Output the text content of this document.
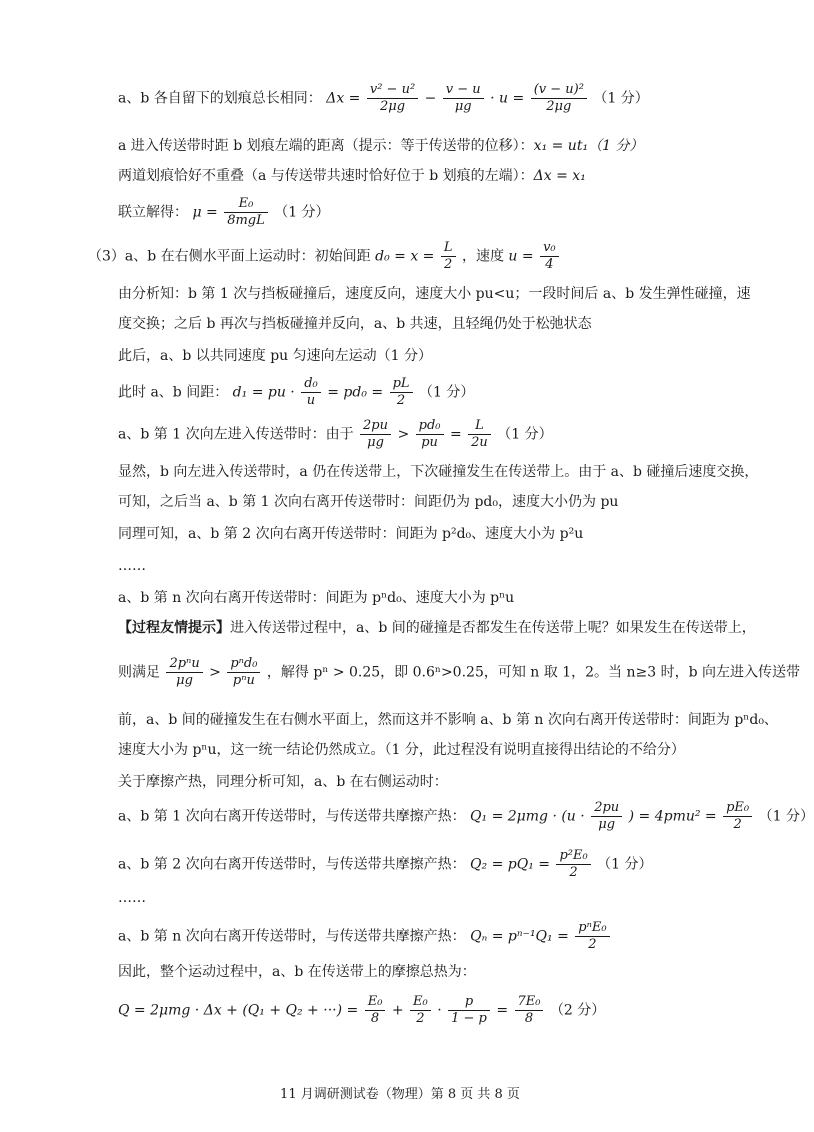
a、b 各自留下的划痕总长相同： $\Delta x = \frac{\text{v² − u²}}{2\mu g} - \frac{v - u}{\mu g} \cdot u = \frac{\text{(v − u)²}}{2\mu g} (1$ 分）
a 进入传送带时距 b 划痕左端的距离（提示：等于传送带的位移）：x₁ = ut₁（1 分）
两道划痕恰好不重叠（a 与传送带共速时恰好位于 b 划痕的左端）：Δx = x₁
联立解得： $\mu = \frac{\text{E₀}}{\text{8mgL}} (1$ 分）
（3）a、b 在右侧水平面上运动时：初始间距 $d_0 = x = \frac{L}{2}$ ，速度 $u = \frac{\text{v₀}}{4}$
由分析知：b 第 1 次与挡板碰撞后，速度反向，速度大小 pu<u；一段时间后 a、b 发生弹性碰撞，速
度交换；之后 b 再次与挡板碰撞并反向，a、b 共速，且轻绳仍处于松弛状态
此后，a、b 以共同速度 pu 匀速向左运动（1 分）
此时 a、b 间距： d₁ = pu · $\frac{\text{d₀}}{u} = pd_0 = \frac{pL}{2} (1$ 分）
a、b 第 1 次向左进入传送带时：由于 $\frac{2pu}{\mu g} > \frac{\text{pd₀}}{pu} = \frac{L}{2u} (1$ 分）
显然，b 向左进入传送带时，a 仍在传送带上，下次碰撞发生在传送带上。由于 a、b 碰撞后速度交换，
可知，之后当 a、b 第 1 次向右离开传送带时：间距仍为 pd₀，速度大小仍为 pu
同理可知，a、b 第 2 次向右离开传送带时：间距为 p²d₀、速度大小为 p²u
……
a、b 第 n 次向右离开传送带时：间距为 pⁿd₀、速度大小为 pⁿu
【过程友情提示】进入传送带过程中，a、b 间的碰撞是否都发生在传送带上呢？如果发生在传送带上，
则满足 $\frac{\text{2pⁿu}}{\mu g} > \frac{\text{pⁿd₀}}{\text{pⁿu}}$ ，解得 pⁿ > 0.25，即 0.6ⁿ>0.25，可知 n 取 1，2。当 n≥3 时，b 向左进入传送带
前，a、b 间的碰撞发生在右侧水平面上，然而这并不影响 a、b 第 n 次向右离开传送带时：间距为 pⁿd₀、
速度大小为 pⁿu，这一统一结论仍然成立。（1 分，此过程没有说明直接得出结论的不给分）
关于摩擦产热，同理分析可知，a、b 在右侧运动时：
a、b 第 1 次向右离开传送带时，与传送带共摩擦产热： $Q_1 = 2\mu mg \cdot (u \cdot \frac{2pu}{\mu g}$ ) = $4pmu^2 = \frac{\text{pE₀}}{2} (1$ 分）
a、b 第 2 次向右离开传送带时，与传送带共摩擦产热： $Q_2 = pQ_1 = \frac{\text{p²E₀}}{2} (1$ 分）
……
a、b 第 n 次向右离开传送带时，与传送带共摩擦产热： $Q_n = p^{n-1}Q_1 = \frac{\text{pⁿE₀}}{2}$
因此，整个运动过程中，a、b 在传送带上的摩擦总热为：
Q = 2μmg · Δx + (Q₁ + Q₂ + ···) = $\frac{\text{E₀}}{8} + \frac{\text{E₀}}{2} \cdot \frac{p}{1 - p} = \frac{\text{7E₀}}{8} (2$ 分）
11 月调研测试卷（物理）第 8 页 共 8 页
